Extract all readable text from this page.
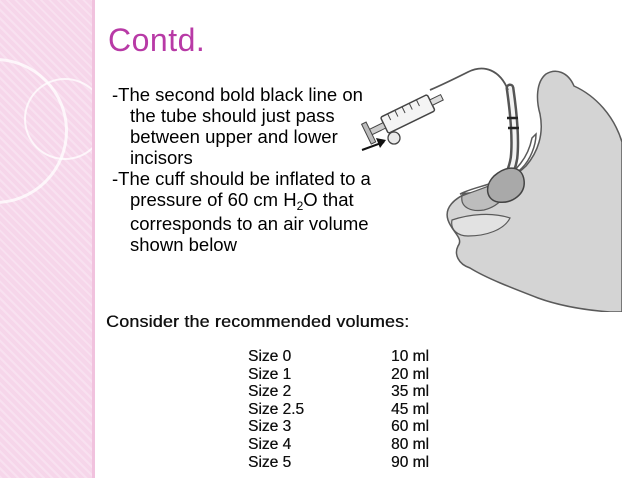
Contd.

-The second bold black line on the tube should just pass between upper and lower incisors

-The cuff should be inflated to a pressure of 60 cm $H_2O$ that corresponds to an air volume shown below

Consider the recommended volumes:
Size 0	10 ml
Size 1	20 ml
Size 2	35 ml
Size 2.5	45 ml
Size 3	60 ml
Size 4	80 ml
Size 5	90 ml
